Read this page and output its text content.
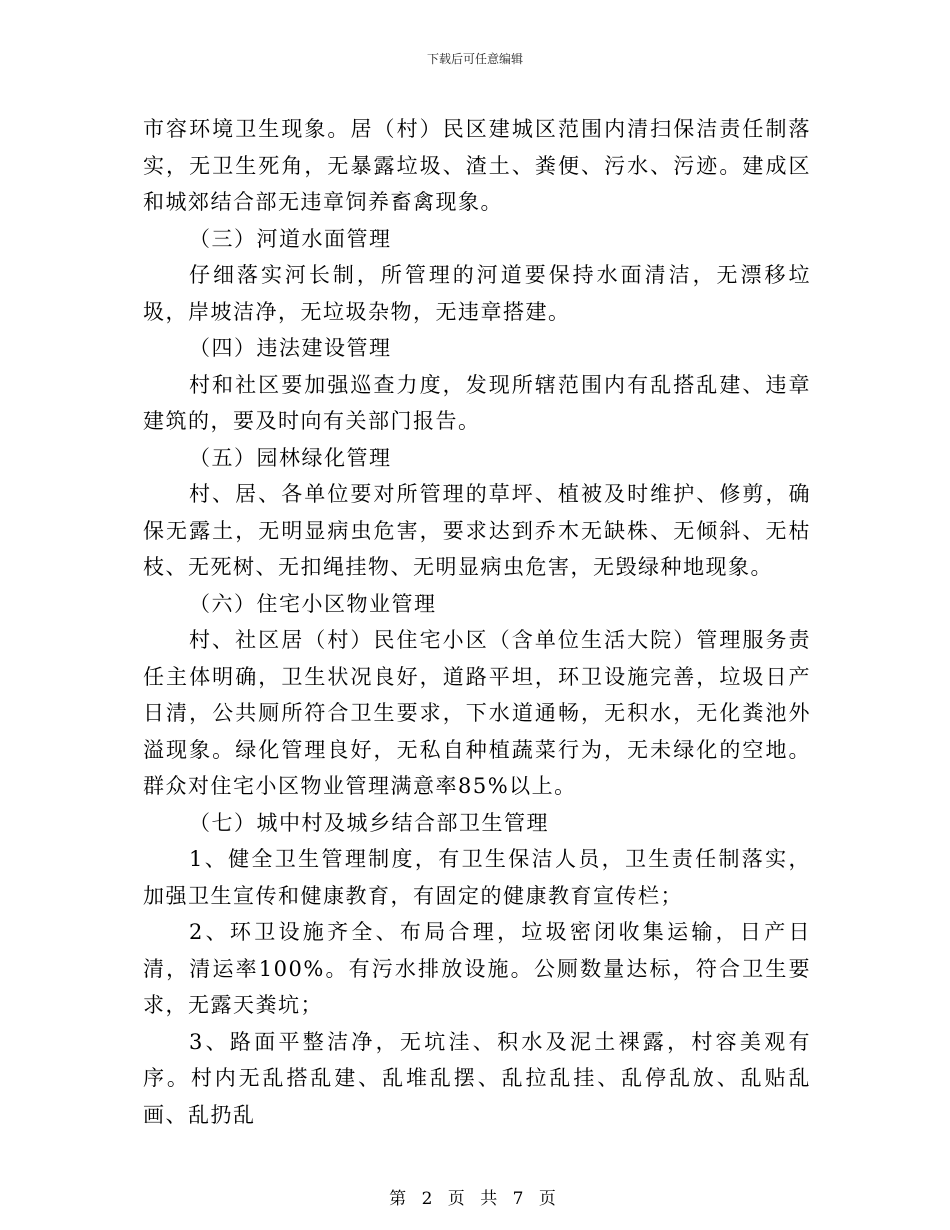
下载后可任意编辑

市容环境卫生现象。居（村）民区建城区范围内清扫保洁责任制落实，无卫生死角，无暴露垃圾、渣土、粪便、污水、污迹。建成区和城郊结合部无违章饲养畜禽现象。

（三）河道水面管理

仔细落实河长制，所管理的河道要保持水面清洁，无漂移垃圾，岸坡洁净，无垃圾杂物，无违章搭建。

（四）违法建设管理

村和社区要加强巡查力度，发现所辖范围内有乱搭乱建、违章建筑的，要及时向有关部门报告。

（五）园林绿化管理

村、居、各单位要对所管理的草坪、植被及时维护、修剪，确保无露土，无明显病虫危害，要求达到乔木无缺株、无倾斜、无枯枝、无死树、无扣绳挂物、无明显病虫危害，无毁绿种地现象。

（六）住宅小区物业管理

村、社区居（村）民住宅小区（含单位生活大院）管理服务责任主体明确，卫生状况良好，道路平坦，环卫设施完善，垃圾日产日清，公共厕所符合卫生要求，下水道通畅，无积水，无化粪池外溢现象。绿化管理良好，无私自种植蔬菜行为，无未绿化的空地。群众对住宅小区物业管理满意率85%以上。

（七）城中村及城乡结合部卫生管理

1、健全卫生管理制度，有卫生保洁人员，卫生责任制落实，加强卫生宣传和健康教育，有固定的健康教育宣传栏；

2、环卫设施齐全、布局合理，垃圾密闭收集运输，日产日清，清运率100%。有污水排放设施。公厕数量达标，符合卫生要求，无露天粪坑；

3、路面平整洁净，无坑洼、积水及泥土裸露，村容美观有序。村内无乱搭乱建、乱堆乱摆、乱拉乱挂、乱停乱放、乱贴乱画、乱扔乱

第 2 页 共 7 页
